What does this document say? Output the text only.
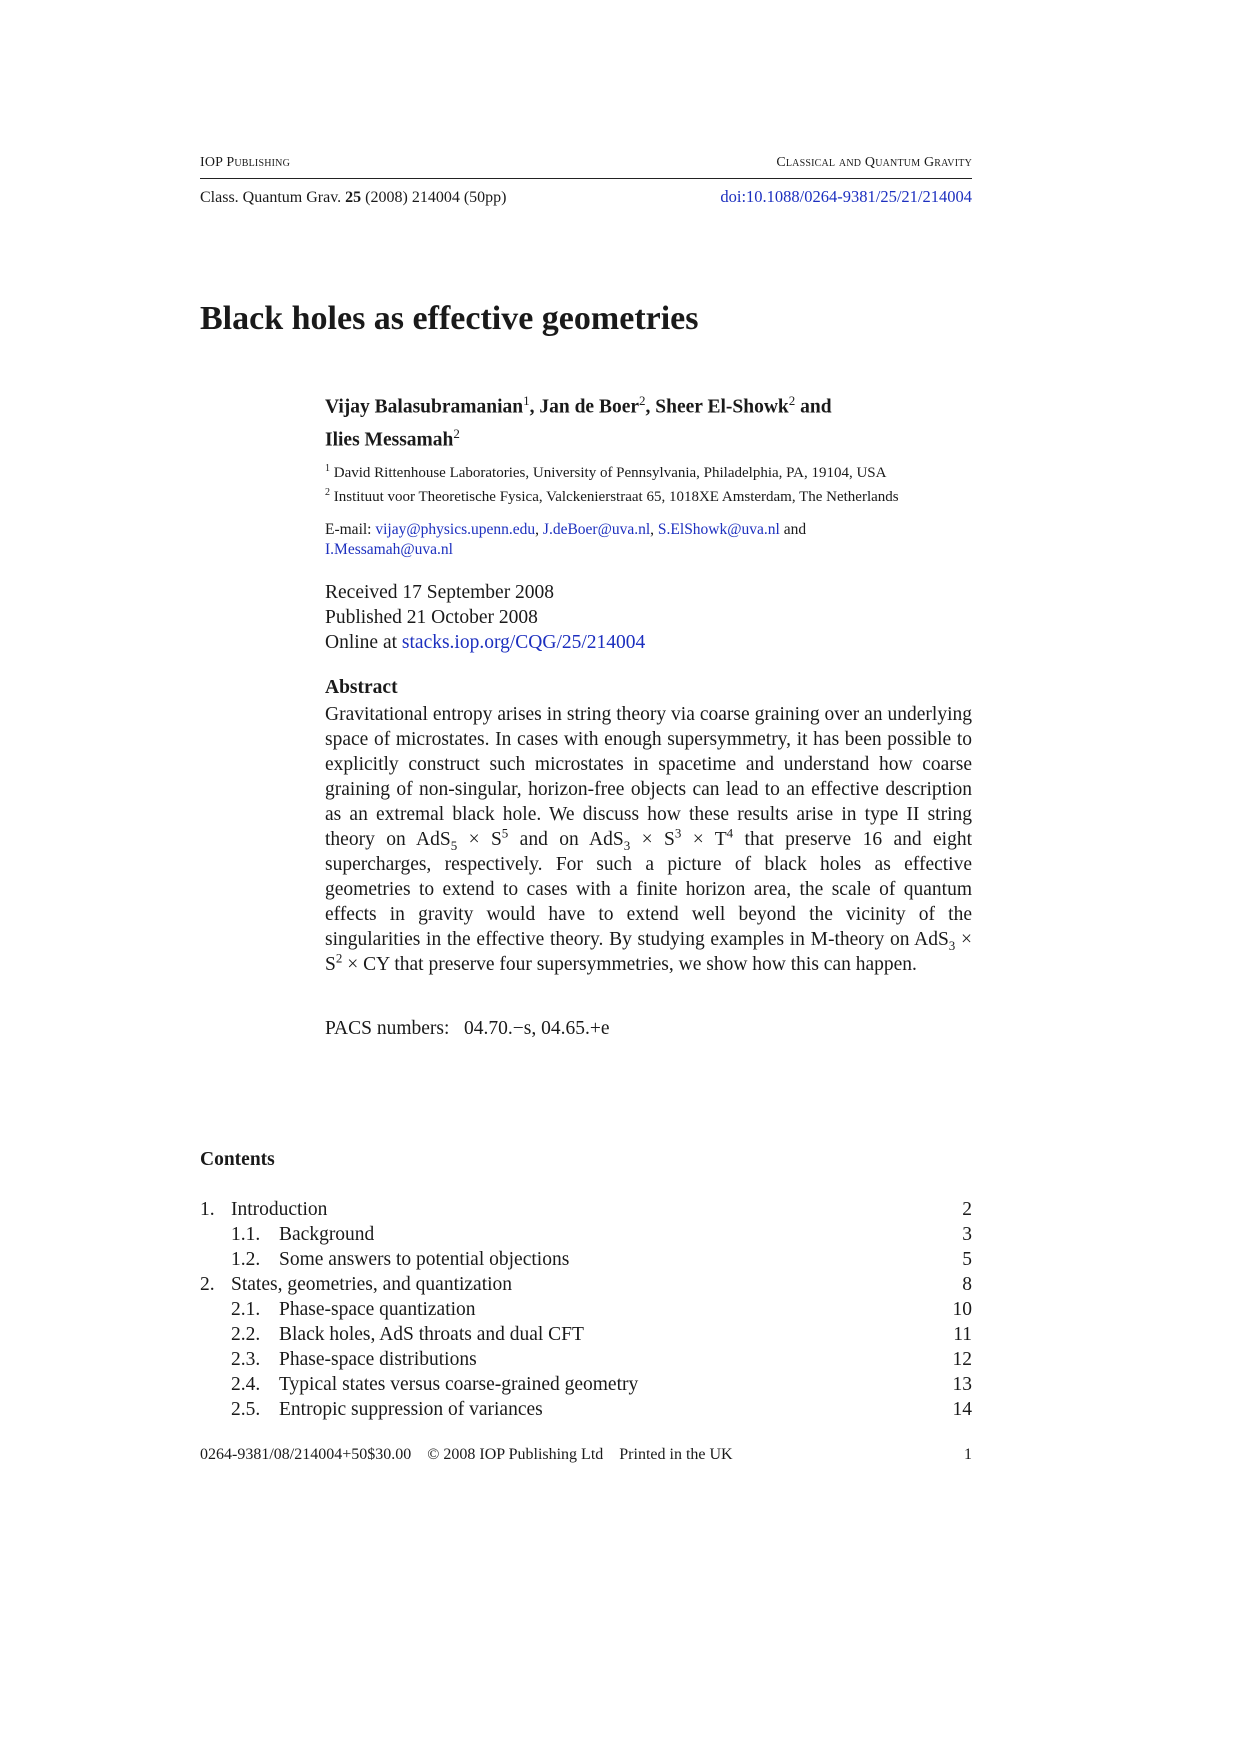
IOP Publishing	Classical and Quantum Gravity
Class. Quantum Grav. 25 (2008) 214004 (50pp)	doi:10.1088/0264-9381/25/21/214004
Black holes as effective geometries
Vijay Balasubramanian$^1$, Jan de Boer$^2$, Sheer El-Showk$^2$ and
Ilies Messamah$^2$
$^1$ David Rittenhouse Laboratories, University of Pennsylvania, Philadelphia, PA, 19104, USA
$^2$ Instituut voor Theoretische Fysica, Valckenierstraat 65, 1018XE Amsterdam, The Netherlands
E-mail: vijay@physics.upenn.edu, J.deBoer@uva.nl, S.ElShowk@uva.nl and
I.Messamah@uva.nl
Received 17 September 2008
Published 21 October 2008
Online at stacks.iop.org/CQG/25/214004
Abstract

Gravitational entropy arises in string theory via coarse graining over an underlying space of microstates. In cases with enough supersymmetry, it has been possible to explicitly construct such microstates in spacetime and understand how coarse graining of non-singular, horizon-free objects can lead to an effective description as an extremal black hole. We discuss how these results arise in type II string theory on $AdS_5 \times S^5$ and on $AdS_3 \times S^3 \times T^4$ that preserve 16 and eight supercharges, respectively. For such a picture of black holes as effective geometries to extend to cases with a finite horizon area, the scale of quantum effects in gravity would have to extend well beyond the vicinity of the singularities in the effective theory. By studying examples in M-theory on $AdS_3 \times S^2$ × CY that preserve four supersymmetries, we show how this can happen.

PACS numbers:   04.70.−s, 04.65.+e
Contents
1. Introduction	2
1.1. Background	3
1.2. Some answers to potential objections	5
2. States, geometries, and quantization	8
2.1. Phase-space quantization	10
2.2. Black holes, AdS throats and dual CFT	11
2.3. Phase-space distributions	12
2.4. Typical states versus coarse-grained geometry	13
2.5. Entropic suppression of variances	14
0264-9381/08/214004+50$30.00 © 2008 IOP Publishing Ltd Printed in the UK	1
